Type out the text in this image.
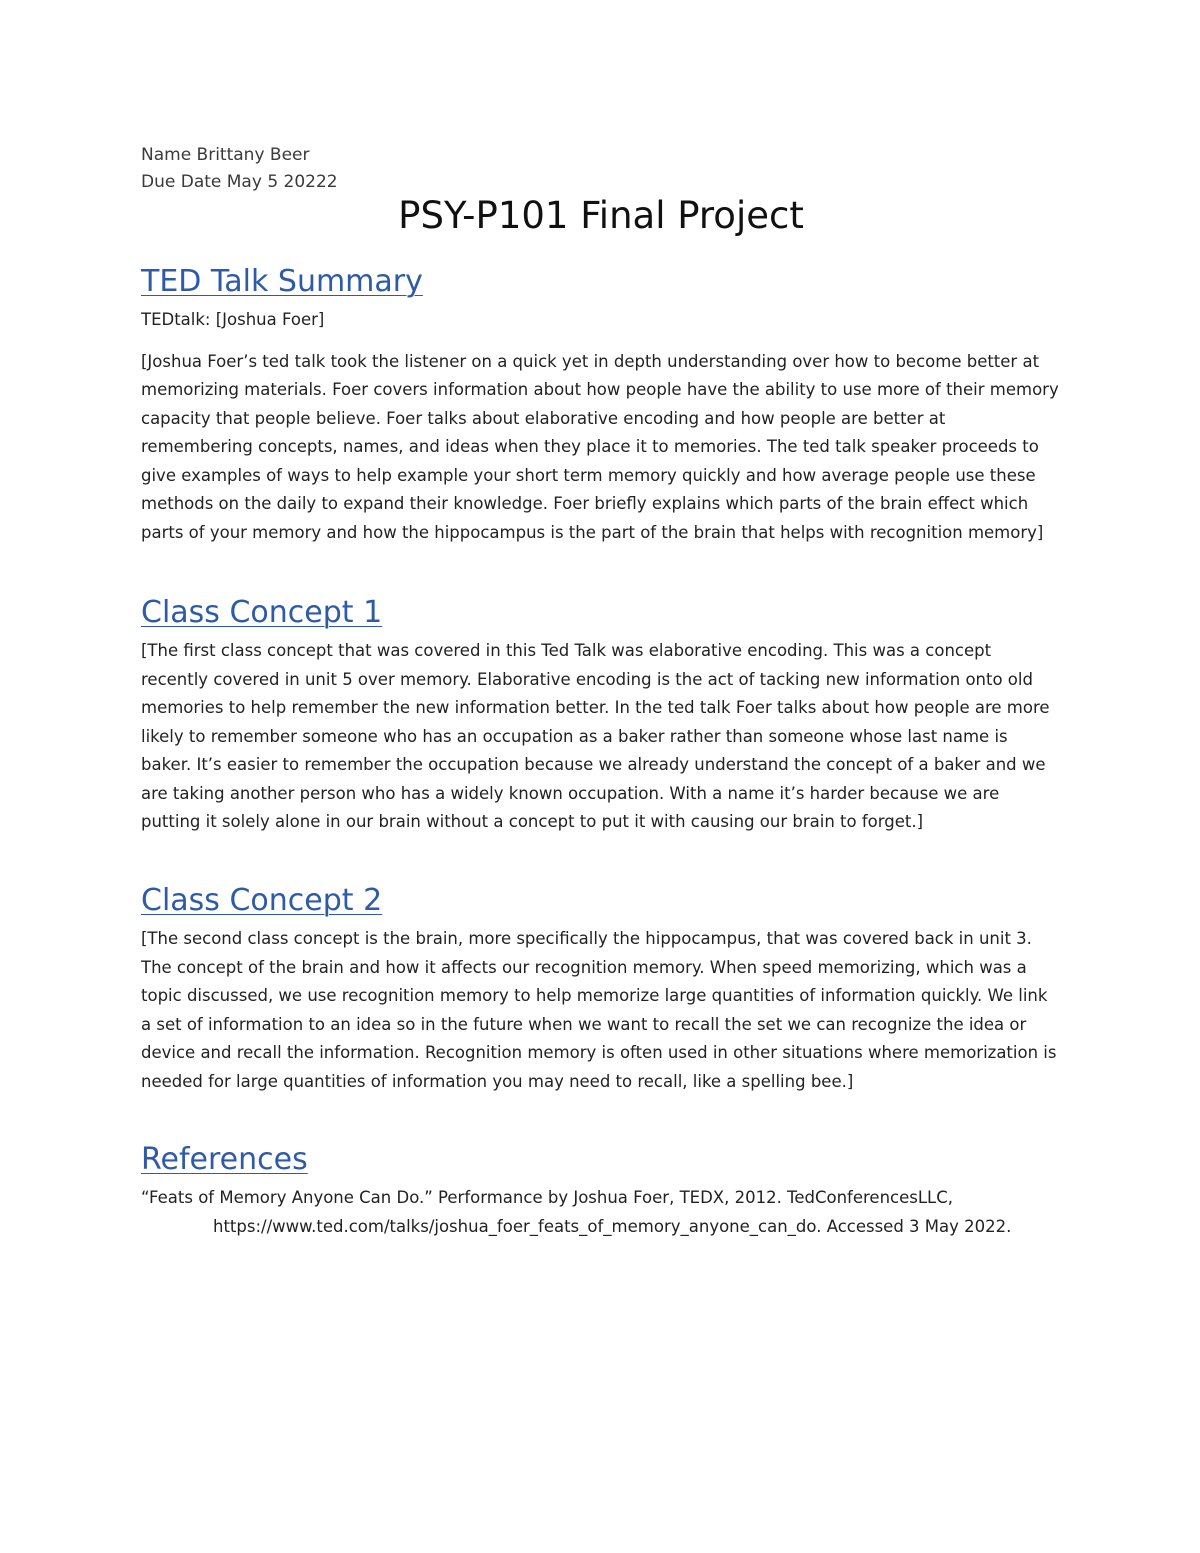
Name Brittany Beer

Due Date May 5 20222

PSY-P101 Final Project
TED Talk Summary

TEDtalk: [Joshua Foer]

[Joshua Foer’s ted talk took the listener on a quick yet in depth understanding over how to become better at memorizing materials. Foer covers information about how people have the ability to use more of their memory capacity that people believe. Foer talks about elaborative encoding and how people are better at remembering concepts, names, and ideas when they place it to memories. The ted talk speaker proceeds to give examples of ways to help example your short term memory quickly and how average people use these methods on the daily to expand their knowledge. Foer briefly explains which parts of the brain effect which parts of your memory and how the hippocampus is the part of the brain that helps with recognition memory]

Class Concept 1

[The first class concept that was covered in this Ted Talk was elaborative encoding. This was a concept recently covered in unit 5 over memory. Elaborative encoding is the act of tacking new information onto old memories to help remember the new information better. In the ted talk Foer talks about how people are more likely to remember someone who has an occupation as a baker rather than someone whose last name is baker. It’s easier to remember the occupation because we already understand the concept of a baker and we are taking another person who has a widely known occupation. With a name it’s harder because we are putting it solely alone in our brain without a concept to put it with causing our brain to forget.]

Class Concept 2

[The second class concept is the brain, more specifically the hippocampus, that was covered back in unit 3. The concept of the brain and how it affects our recognition memory. When speed memorizing, which was a topic discussed, we use recognition memory to help memorize large quantities of information quickly. We link a set of information to an idea so in the future when we want to recall the set we can recognize the idea or device and recall the information. Recognition memory is often used in other situations where memorization is needed for large quantities of information you may need to recall, like a spelling bee.]

References

“Feats of Memory Anyone Can Do.” Performance by Joshua Foer, TEDX, 2012. TedConferencesLLC, https://www.ted.com/talks/joshua_foer_feats_of_memory_anyone_can_do. Accessed 3 May 2022.
